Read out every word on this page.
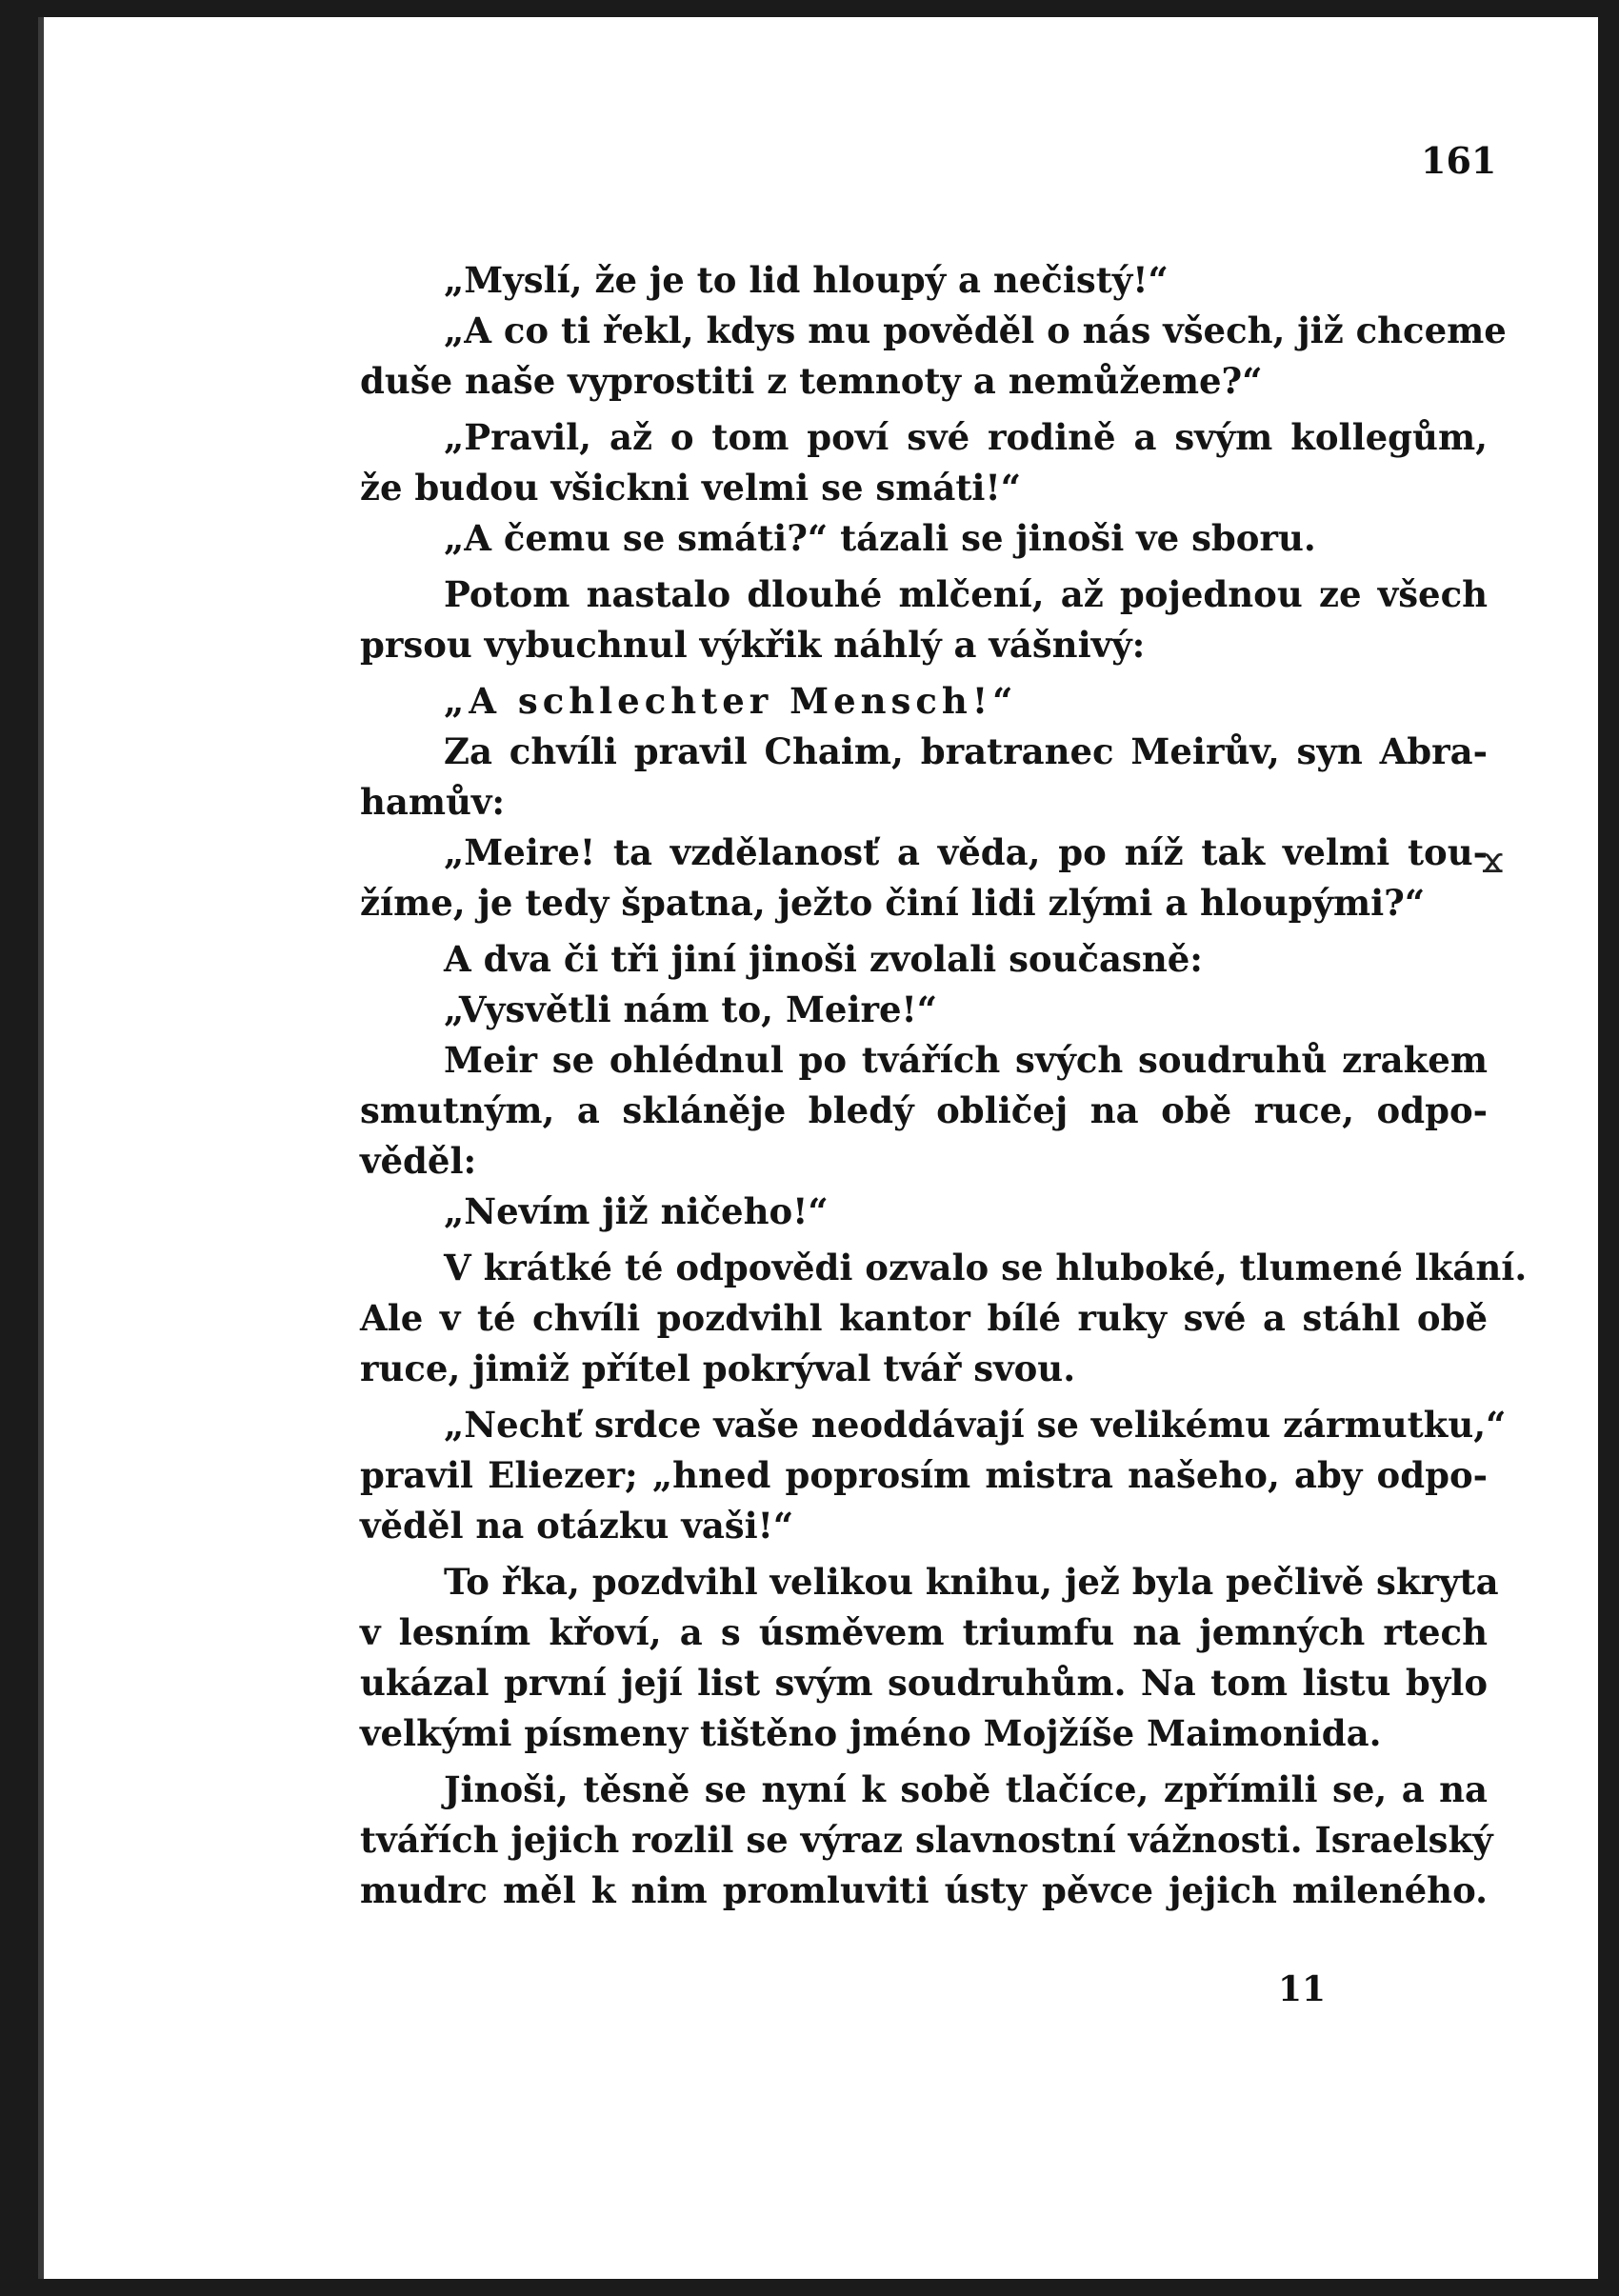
161
„Myslí, že je to lid hloupý a nečistý!“
„A co ti řekl, kdys mu pověděl o nás všech, již chceme
duše naše vyprostiti z temnoty a nemůžeme?“
„Pravil, až o tom poví své rodině a svým kollegům,
že budou všickni velmi se smáti!“
„A čemu se smáti?“ tázali se jinoši ve sboru.
Potom nastalo dlouhé mlčení, až pojednou ze všech
prsou vybuchnul výkřik náhlý a vášnivý:
„A schlechter Mensch!“
Za chvíli pravil Chaim, bratranec Meirův, syn Abra-
hamův:
„Meire! ta vzdělanosť a věda, po níž tak velmi tou-
žíme, je tedy špatna, ježto činí lidi zlými a hloupými?“
A dva či tři jiní jinoši zvolali současně:
„Vysvětli nám to, Meire!“
Meir se ohlédnul po tvářích svých soudruhů zrakem
smutným, a skláněje bledý obličej na obě ruce, odpo-
věděl:
„Nevím již ničeho!“
V krátké té odpovědi ozvalo se hluboké, tlumené lkání.
Ale v té chvíli pozdvihl kantor bílé ruky své a stáhl obě
ruce, jimiž přítel pokrýval tvář svou.
„Nechť srdce vaše neoddávají se velikému zármutku,“
pravil Eliezer; „hned poprosím mistra našeho, aby odpo-
věděl na otázku vaši!“
To řka, pozdvihl velikou knihu, jež byla pečlivě skryta
v lesním křoví, a s úsměvem triumfu na jemných rtech
ukázal první její list svým soudruhům. Na tom listu bylo
velkými písmeny tištěno jméno Mojžíše Maimonida.
Jinoši, těsně se nyní k sobě tlačíce, zpřímili se, a na
tvářích jejich rozlil se výraz slavnostní vážnosti. Israelský
mudrc měl k nim promluviti ústy pěvce jejich mileného.
11
ϫ
